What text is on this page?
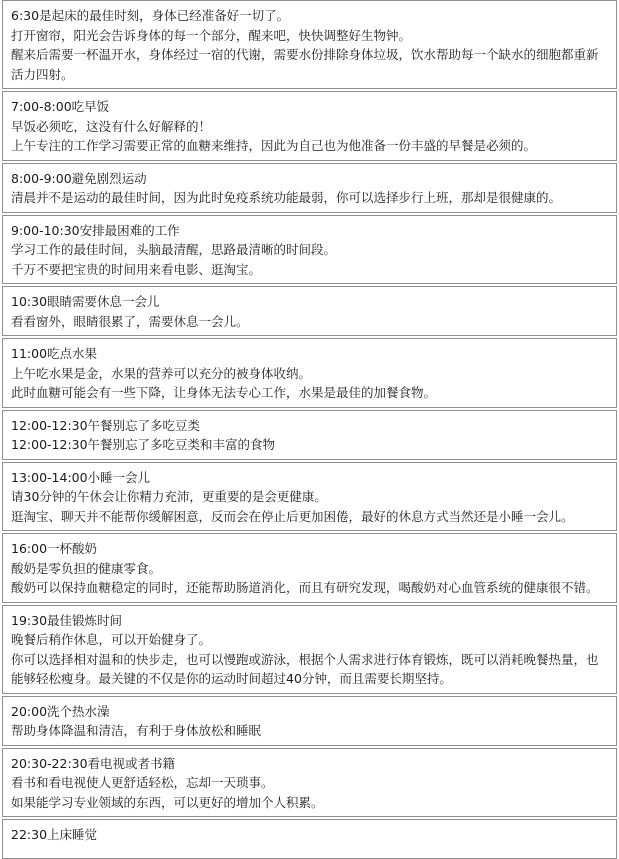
6:30是起床的最佳时刻，身体已经准备好一切了。
打开窗帘，阳光会告诉身体的每一个部分，醒来吧，快快调整好生物钟。
醒来后需要一杯温开水，身体经过一宿的代谢，需要水份排除身体垃圾，饮水帮助每一个缺水的细胞都重新活力四射。
7:00-8:00吃早饭
早饭必须吃，这没有什么好解释的！
上午专注的工作学习需要正常的血糖来维持，因此为自己也为他准备一份丰盛的早餐是必须的。
8:00-9:00避免剧烈运动
清晨并不是运动的最佳时间，因为此时免疫系统功能最弱，你可以选择步行上班，那却是很健康的。
9:00-10:30安排最困难的工作
学习工作的最佳时间，头脑最清醒，思路最清晰的时间段。
千万不要把宝贵的时间用来看电影、逛淘宝。
10:30眼睛需要休息一会儿
看看窗外，眼睛很累了，需要休息一会儿。
11:00吃点水果
上午吃水果是金，水果的营养可以充分的被身体收纳。
此时血糖可能会有一些下降，让身体无法专心工作，水果是最佳的加餐食物。
12:00-12:30午餐别忘了多吃豆类
12:00-12:30午餐别忘了多吃豆类和丰富的食物
13:00-14:00小睡一会儿
请30分钟的午休会让你精力充沛，更重要的是会更健康。
逛淘宝、聊天并不能帮你缓解困意，反而会在停止后更加困倦，最好的休息方式当然还是小睡一会儿。
16:00一杯酸奶
酸奶是零负担的健康零食。
酸奶可以保持血糖稳定的同时，还能帮助肠道消化，而且有研究发现，喝酸奶对心血管系统的健康很不错。
19:30最佳锻炼时间
晚餐后稍作休息，可以开始健身了。
你可以选择相对温和的快步走，也可以慢跑或游泳，根据个人需求进行体育锻炼，既可以消耗晚餐热量，也能够轻松瘦身。最关键的不仅是你的运动时间超过40分钟，而且需要长期坚持。
20:00洗个热水澡
帮助身体降温和清洁，有利于身体放松和睡眠
20:30-22:30看电视或者书籍
看书和看电视使人更舒适轻松，忘却一天琐事。
如果能学习专业领域的东西，可以更好的增加个人积累。
22:30上床睡觉
